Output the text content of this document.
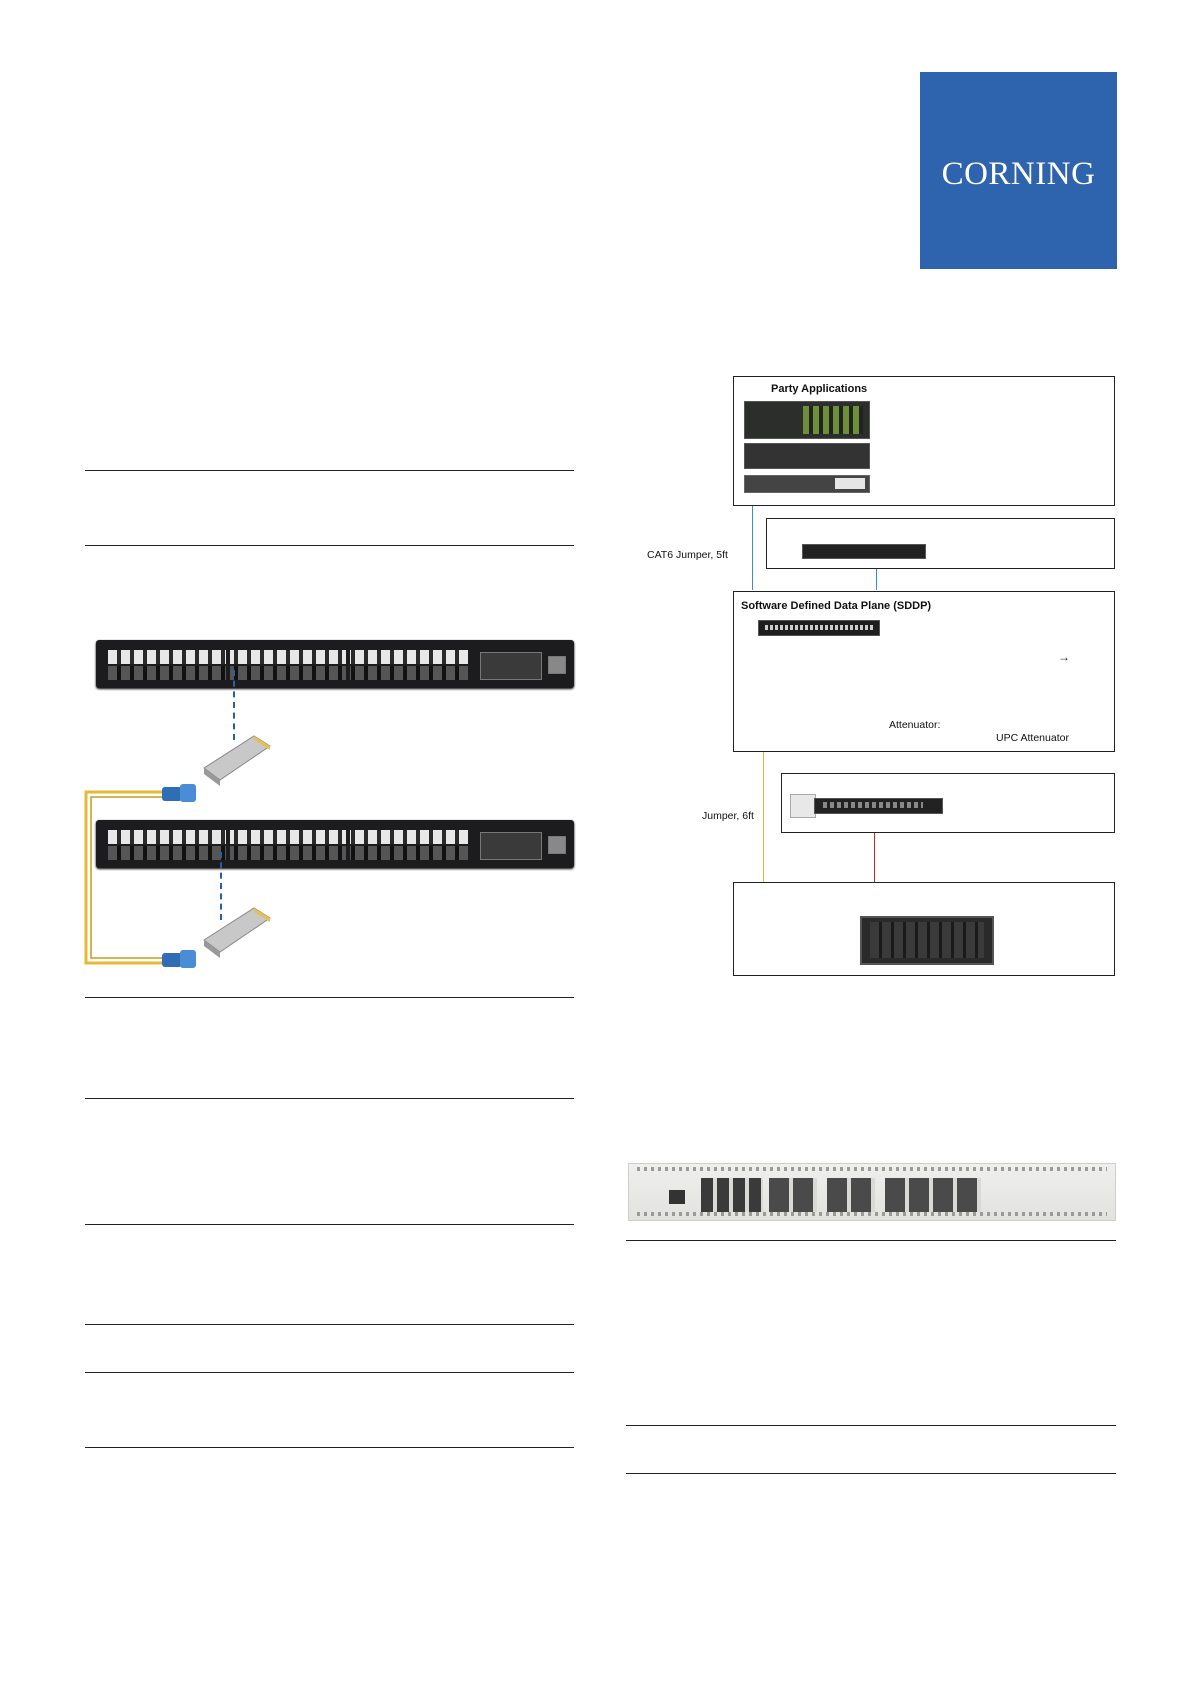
CORNING
Party Applications
CAT6 Jumper, 5ft
Software Defined Data Plane (SDDP)
→
Attenuator:
UPC Attenuator
Jumper, 6ft
